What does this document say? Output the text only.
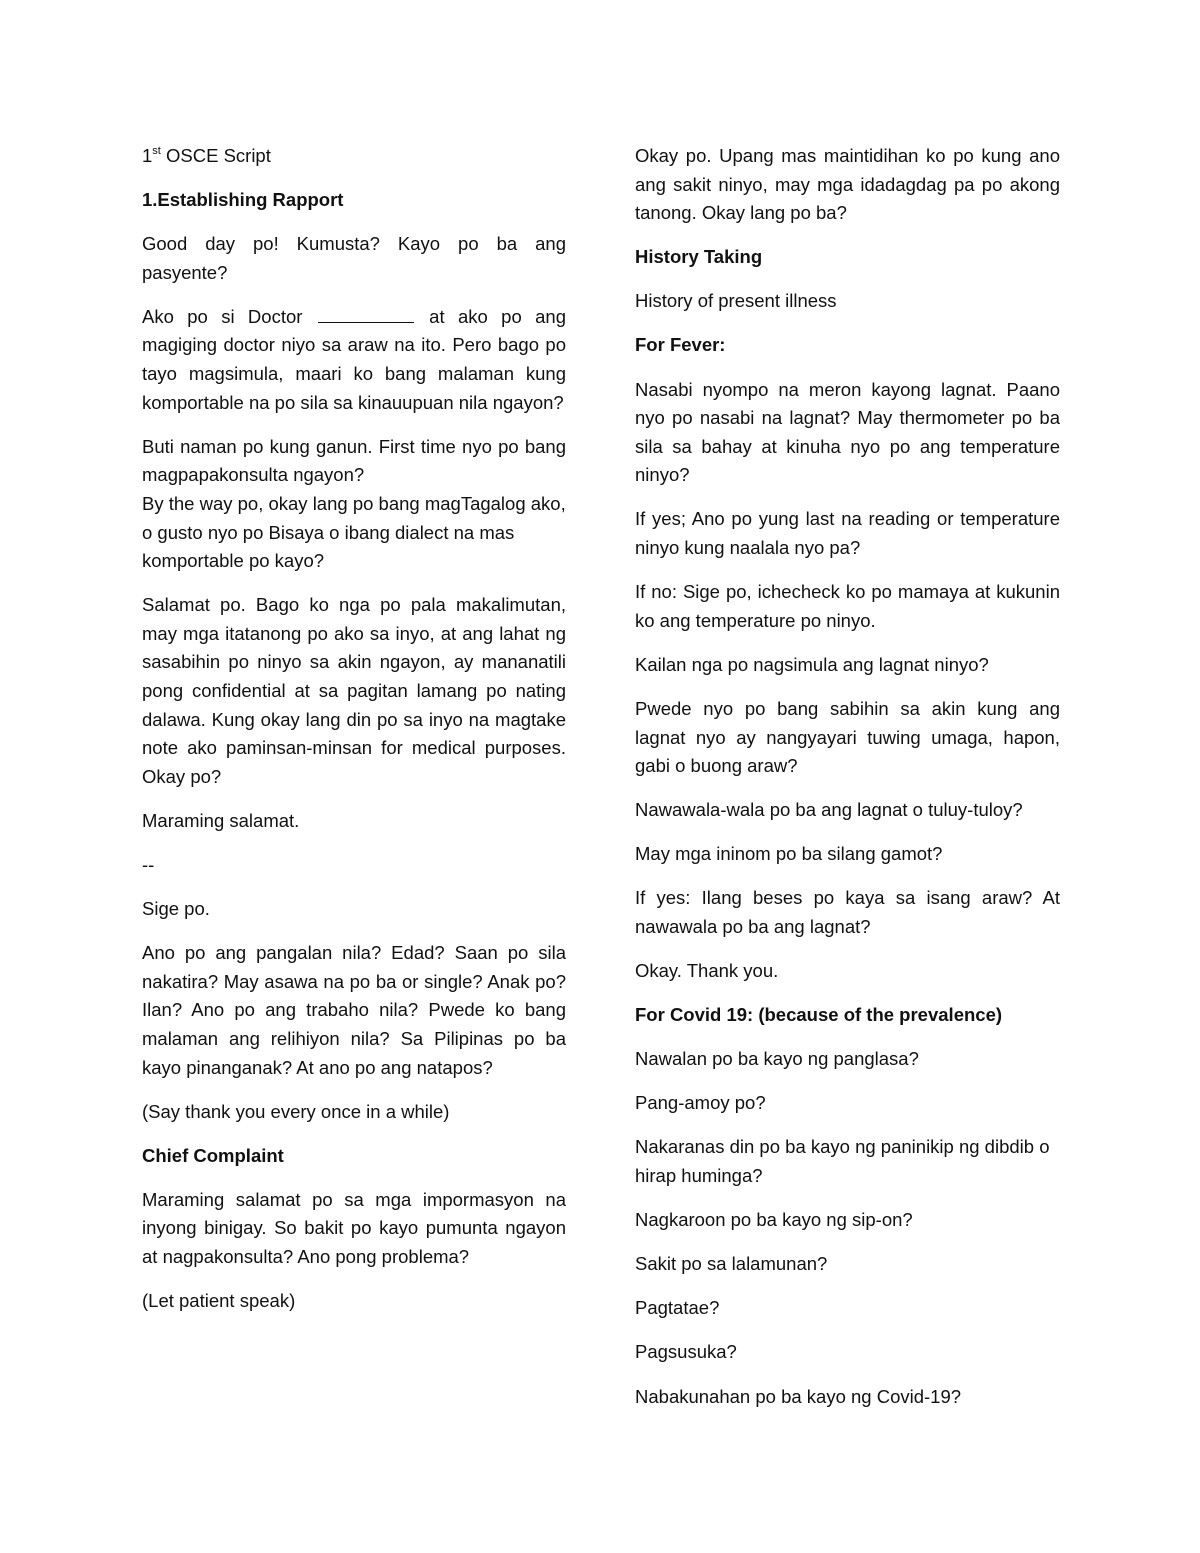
1st OSCE Script

1.Establishing Rapport

Good day po! Kumusta? Kayo po ba ang pasyente?

Ako po si Doctor	at ako po ang magiging doctor niyo sa araw na ito. Pero bago po tayo magsimula, maari ko bang malaman kung komportable na po sila sa kinauupuan nila ngayon?

Buti naman po kung ganun. First time nyo po bang magpapakonsulta ngayon?

By the way po, okay lang po bang magTagalog ako, o gusto nyo po Bisaya o ibang dialect na mas komportable po kayo?

Salamat po. Bago ko nga po pala makalimutan, may mga itatanong po ako sa inyo, at ang lahat ng sasabihin po ninyo sa akin ngayon, ay mananatili pong confidential at sa pagitan lamang po nating dalawa. Kung okay lang din po sa inyo na magtake note ako paminsan-minsan for medical purposes. Okay po?

Maraming salamat.

--

Sige po.

Ano po ang pangalan nila? Edad? Saan po sila nakatira? May asawa na po ba or single? Anak po? Ilan? Ano po ang trabaho nila? Pwede ko bang malaman ang relihiyon nila? Sa Pilipinas po ba kayo pinanganak? At ano po ang natapos?

(Say thank you every once in a while)

Chief Complaint

Maraming salamat po sa mga impormasyon na inyong binigay. So bakit po kayo pumunta ngayon at nagpakonsulta? Ano pong problema?

(Let patient speak)

Okay po. Upang mas maintidihan ko po kung ano ang sakit ninyo, may mga idadagdag pa po akong tanong. Okay lang po ba?

History Taking

History of present illness

For Fever:

Nasabi nyompo na meron kayong lagnat. Paano nyo po nasabi na lagnat? May thermometer po ba sila sa bahay at kinuha nyo po ang temperature ninyo?

If yes; Ano po yung last na reading or temperature ninyo kung naalala nyo pa?

If no: Sige po, ichecheck ko po mamaya at kukunin ko ang temperature po ninyo.

Kailan nga po nagsimula ang lagnat ninyo?

Pwede nyo po bang sabihin sa akin kung ang lagnat nyo ay nangyayari tuwing umaga, hapon, gabi o buong araw?

Nawawala-wala po ba ang lagnat o tuluy-tuloy?

May mga ininom po ba silang gamot?

If yes: Ilang beses po kaya sa isang araw? At nawawala po ba ang lagnat?

Okay. Thank you.

For Covid 19: (because of the prevalence)

Nawalan po ba kayo ng panglasa?

Pang-amoy po?

Nakaranas din po ba kayo ng paninikip ng dibdib o hirap huminga?

Nagkaroon po ba kayo ng sip-on?

Sakit po sa lalamunan?

Pagtatae?

Pagsusuka?

Nabakunahan po ba kayo ng Covid-19?
